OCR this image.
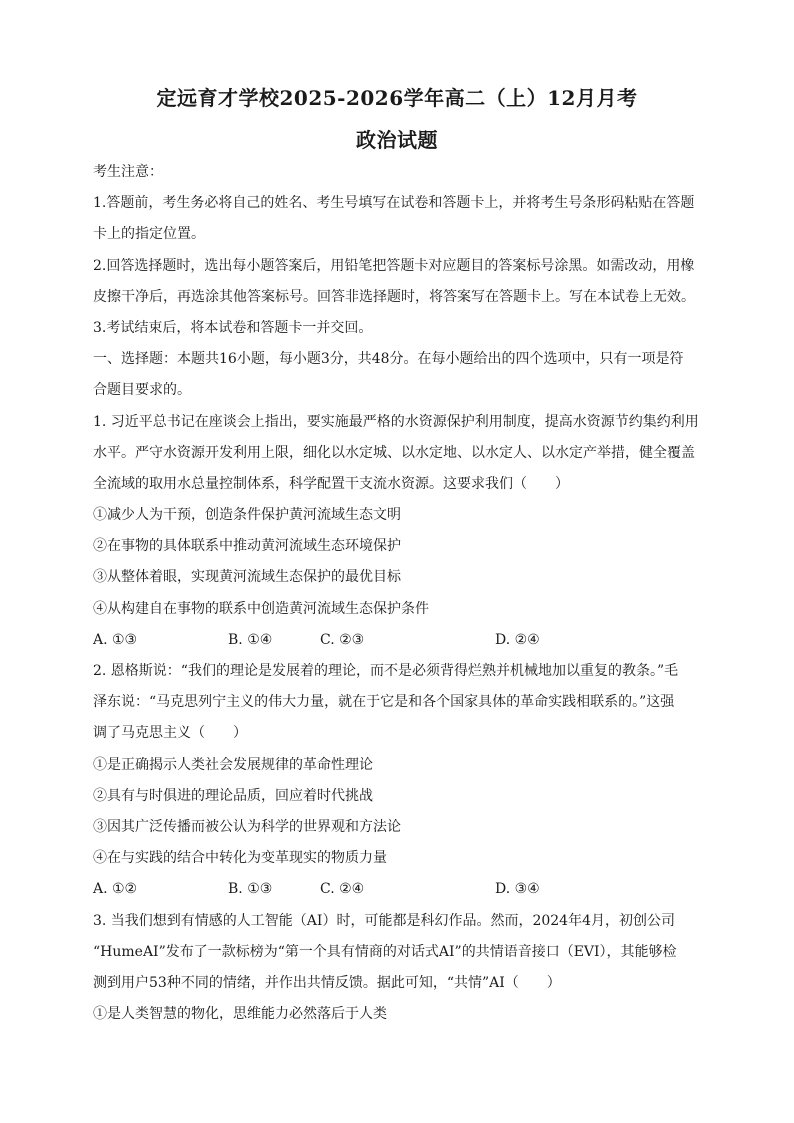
定远育才学校2025-2026学年高二（上）12月月考
政治试题
考生注意：
1.答题前，考生务必将自己的姓名、考生号填写在试卷和答题卡上，并将考生号条形码粘贴在答题
卡上的指定位置。
2.回答选择题时，选出每小题答案后，用铅笔把答题卡对应题目的答案标号涂黑。如需改动，用橡
皮擦干净后，再选涂其他答案标号。回答非选择题时，将答案写在答题卡上。写在本试卷上无效。
3.考试结束后，将本试卷和答题卡一并交回。
一、选择题：本题共16小题，每小题3分，共48分。在每小题给出的四个选项中，只有一项是符
合题目要求的。
1. 习近平总书记在座谈会上指出，要实施最严格的水资源保护利用制度，提高水资源节约集约利用
水平。严守水资源开发利用上限，细化以水定城、以水定地、以水定人、以水定产举措，健全覆盖
全流域的取用水总量控制体系，科学配置干支流水资源。这要求我们（　　）
①减少人为干预，创造条件保护黄河流域生态文明
②在事物的具体联系中推动黄河流域生态环境保护
③从整体着眼，实现黄河流域生态保护的最优目标
④从构建自在事物的联系中创造黄河流域生态保护条件
A. ①③	B. ①④	C. ②③	D. ②④
2. 恩格斯说：“我们的理论是发展着的理论，而不是必须背得烂熟并机械地加以重复的教条。”毛
泽东说：“马克思列宁主义的伟大力量，就在于它是和各个国家具体的革命实践相联系的。”这强
调了马克思主义（　　）
①是正确揭示人类社会发展规律的革命性理论
②具有与时俱进的理论品质，回应着时代挑战
③因其广泛传播而被公认为科学的世界观和方法论
④在与实践的结合中转化为变革现实的物质力量
A. ①②	B. ①③	C. ②④	D. ③④
3. 当我们想到有情感的人工智能（AI）时，可能都是科幻作品。然而，2024年4月，初创公司
“HumeAI”发布了一款标榜为“第一个具有情商的对话式AI”的共情语音接口（EVI），其能够检
测到用户53种不同的情绪，并作出共情反馈。据此可知，“共情”AI（　　）
①是人类智慧的物化，思维能力必然落后于人类
